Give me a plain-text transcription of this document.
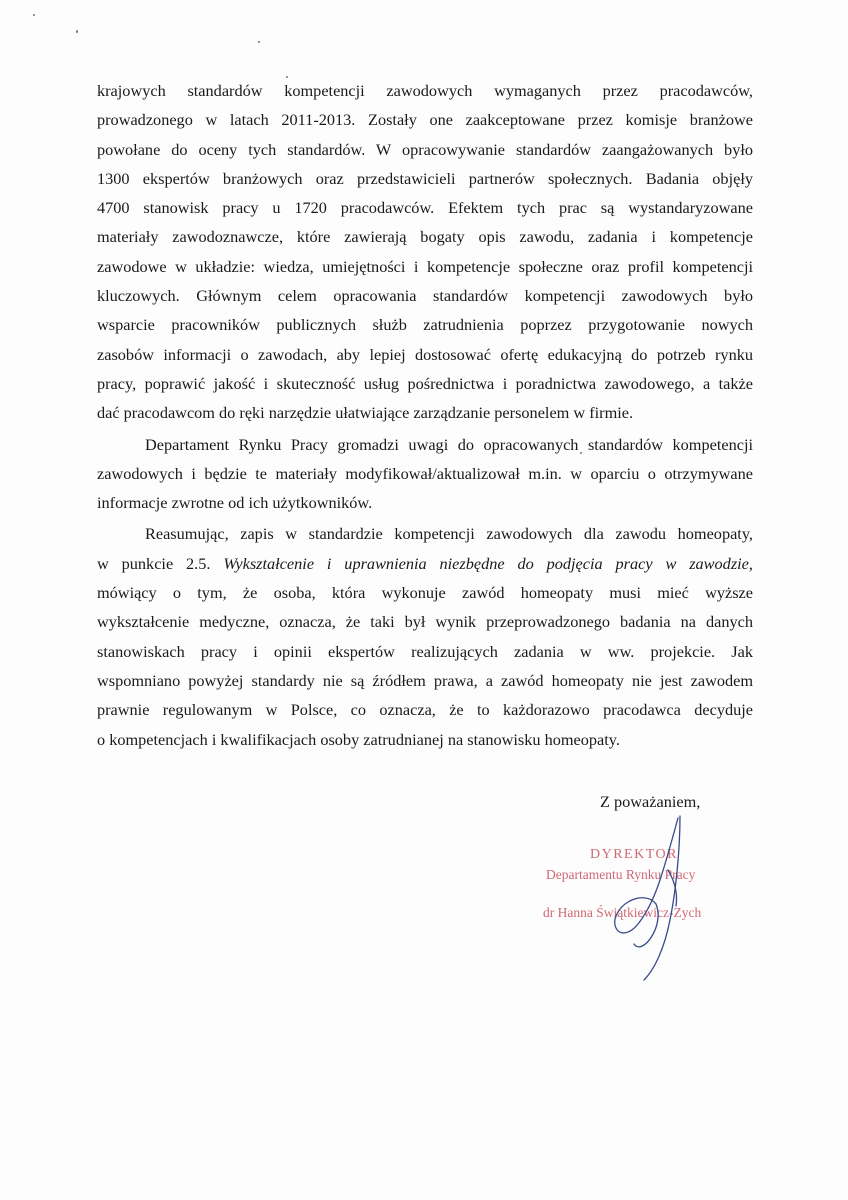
krajowych standardów kompetencji zawodowych wymaganych przez pracodawców,
prowadzonego w latach 2011-2013. Zostały one zaakceptowane przez komisje branżowe
powołane do oceny tych standardów. W opracowywanie standardów zaangażowanych było
1300 ekspertów branżowych oraz przedstawicieli partnerów społecznych. Badania objęły
4700 stanowisk pracy u 1720 pracodawców. Efektem tych prac są wystandaryzowane
materiały zawodoznawcze, które zawierają bogaty opis zawodu, zadania i kompetencje
zawodowe w układzie: wiedza, umiejętności i kompetencje społeczne oraz profil kompetencji
kluczowych. Głównym celem opracowania standardów kompetencji zawodowych było
wsparcie pracowników publicznych służb zatrudnienia poprzez przygotowanie nowych
zasobów informacji o zawodach, aby lepiej dostosować ofertę edukacyjną do potrzeb rynku
pracy, poprawić jakość i skuteczność usług pośrednictwa i poradnictwa zawodowego, a także
dać pracodawcom do ręki narzędzie ułatwiające zarządzanie personelem w firmie.

Departament Rynku Pracy gromadzi uwagi do opracowanych standardów kompetencji
zawodowych i będzie te materiały modyfikował/aktualizował m.in. w oparciu o otrzymywane
informacje zwrotne od ich użytkowników.

Reasumując, zapis w standardzie kompetencji zawodowych dla zawodu homeopaty,
w punkcie 2.5. Wykształcenie i uprawnienia niezbędne do podjęcia pracy w zawodzie,
mówiący o tym, że osoba, która wykonuje zawód homeopaty musi mieć wyższe
wykształcenie medyczne, oznacza, że taki był wynik przeprowadzonego badania na danych
stanowiskach pracy i opinii ekspertów realizujących zadania w ww. projekcie. Jak
wspomniano powyżej standardy nie są źródłem prawa, a zawód homeopaty nie jest zawodem
prawnie regulowanym w Polsce, co oznacza, że to każdorazowo pracodawca decyduje
o kompetencjach i kwalifikacjach osoby zatrudnianej na stanowisku homeopaty.

Z poważaniem,
DYREKTOR
Departamentu Rynku Pracy
dr Hanna Świątkiewicz-Zych
